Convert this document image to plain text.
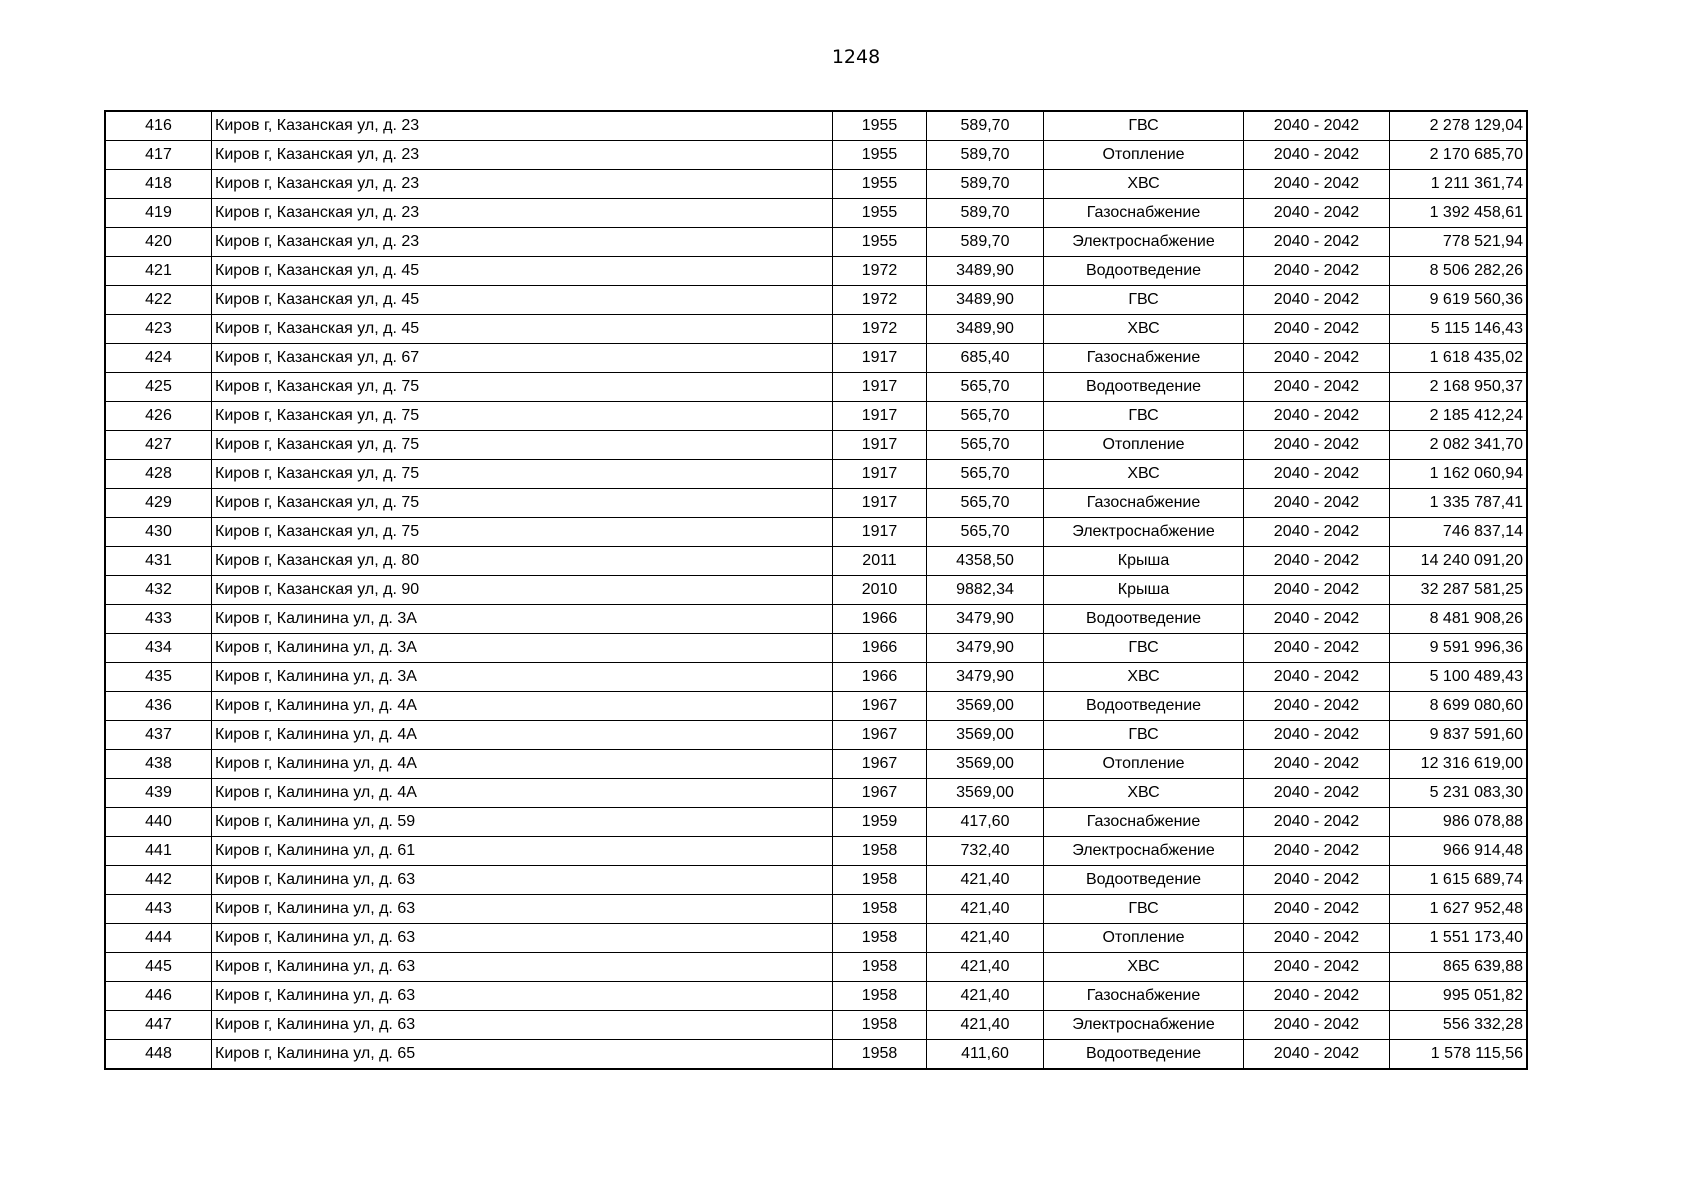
1248
416	Киров г, Казанская ул, д. 23	1955	589,70	ГВС	2040 - 2042	2 278 129,04
417	Киров г, Казанская ул, д. 23	1955	589,70	Отопление	2040 - 2042	2 170 685,70
418	Киров г, Казанская ул, д. 23	1955	589,70	ХВС	2040 - 2042	1 211 361,74
419	Киров г, Казанская ул, д. 23	1955	589,70	Газоснабжение	2040 - 2042	1 392 458,61
420	Киров г, Казанская ул, д. 23	1955	589,70	Электроснабжение	2040 - 2042	778 521,94
421	Киров г, Казанская ул, д. 45	1972	3489,90	Водоотведение	2040 - 2042	8 506 282,26
422	Киров г, Казанская ул, д. 45	1972	3489,90	ГВС	2040 - 2042	9 619 560,36
423	Киров г, Казанская ул, д. 45	1972	3489,90	ХВС	2040 - 2042	5 115 146,43
424	Киров г, Казанская ул, д. 67	1917	685,40	Газоснабжение	2040 - 2042	1 618 435,02
425	Киров г, Казанская ул, д. 75	1917	565,70	Водоотведение	2040 - 2042	2 168 950,37
426	Киров г, Казанская ул, д. 75	1917	565,70	ГВС	2040 - 2042	2 185 412,24
427	Киров г, Казанская ул, д. 75	1917	565,70	Отопление	2040 - 2042	2 082 341,70
428	Киров г, Казанская ул, д. 75	1917	565,70	ХВС	2040 - 2042	1 162 060,94
429	Киров г, Казанская ул, д. 75	1917	565,70	Газоснабжение	2040 - 2042	1 335 787,41
430	Киров г, Казанская ул, д. 75	1917	565,70	Электроснабжение	2040 - 2042	746 837,14
431	Киров г, Казанская ул, д. 80	2011	4358,50	Крыша	2040 - 2042	14 240 091,20
432	Киров г, Казанская ул, д. 90	2010	9882,34	Крыша	2040 - 2042	32 287 581,25
433	Киров г, Калинина ул, д. 3А	1966	3479,90	Водоотведение	2040 - 2042	8 481 908,26
434	Киров г, Калинина ул, д. 3А	1966	3479,90	ГВС	2040 - 2042	9 591 996,36
435	Киров г, Калинина ул, д. 3А	1966	3479,90	ХВС	2040 - 2042	5 100 489,43
436	Киров г, Калинина ул, д. 4А	1967	3569,00	Водоотведение	2040 - 2042	8 699 080,60
437	Киров г, Калинина ул, д. 4А	1967	3569,00	ГВС	2040 - 2042	9 837 591,60
438	Киров г, Калинина ул, д. 4А	1967	3569,00	Отопление	2040 - 2042	12 316 619,00
439	Киров г, Калинина ул, д. 4А	1967	3569,00	ХВС	2040 - 2042	5 231 083,30
440	Киров г, Калинина ул, д. 59	1959	417,60	Газоснабжение	2040 - 2042	986 078,88
441	Киров г, Калинина ул, д. 61	1958	732,40	Электроснабжение	2040 - 2042	966 914,48
442	Киров г, Калинина ул, д. 63	1958	421,40	Водоотведение	2040 - 2042	1 615 689,74
443	Киров г, Калинина ул, д. 63	1958	421,40	ГВС	2040 - 2042	1 627 952,48
444	Киров г, Калинина ул, д. 63	1958	421,40	Отопление	2040 - 2042	1 551 173,40
445	Киров г, Калинина ул, д. 63	1958	421,40	ХВС	2040 - 2042	865 639,88
446	Киров г, Калинина ул, д. 63	1958	421,40	Газоснабжение	2040 - 2042	995 051,82
447	Киров г, Калинина ул, д. 63	1958	421,40	Электроснабжение	2040 - 2042	556 332,28
448	Киров г, Калинина ул, д. 65	1958	411,60	Водоотведение	2040 - 2042	1 578 115,56
